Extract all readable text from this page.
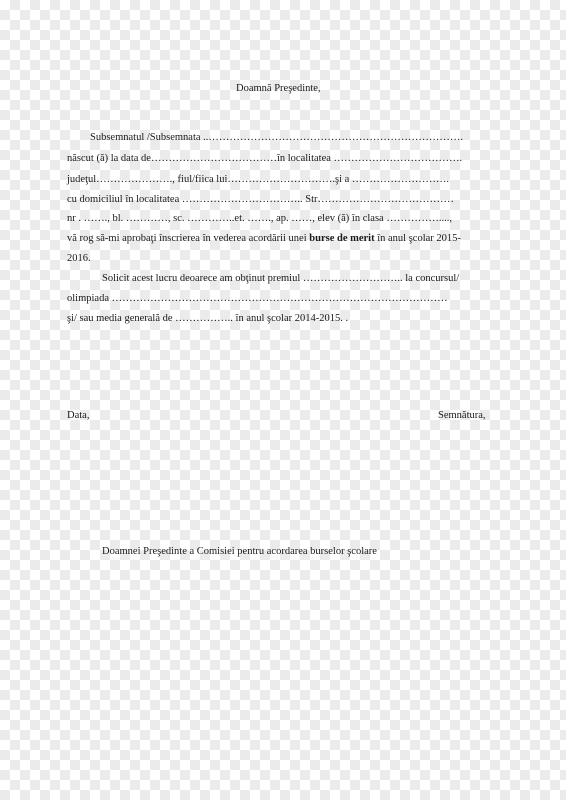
Doamnă Preşedinte,
Subsemnatul /Subsemnata ..……………………………………………………………….
născut (ă) la data de………………………………în localitatea ……………………………….
judeţul…………………., fiul/fiica lui………………………….şi a ……………………….
cu domiciliul în localitatea …………………………….. Str…………………………………
nr . ……., bl. …………, sc. …………..et. ……., ap. ……, elev (ă) în clasa ……………....,
vă rog să-mi aprobaţi înscrierea în vederea acordării unei burse de merit în anul şcolar 2015-
2016.
Solicit acest lucru deoarece am obţinut premiul ……………………….. la concursul/
olimpiada ……………………………………………………………………………………
şi/ sau media generală de …………….. în anul şcolar 2014-2015. .
Data,	Semnătura,
Doamnei Preşedinte a Comisiei pentru acordarea burselor şcolare
